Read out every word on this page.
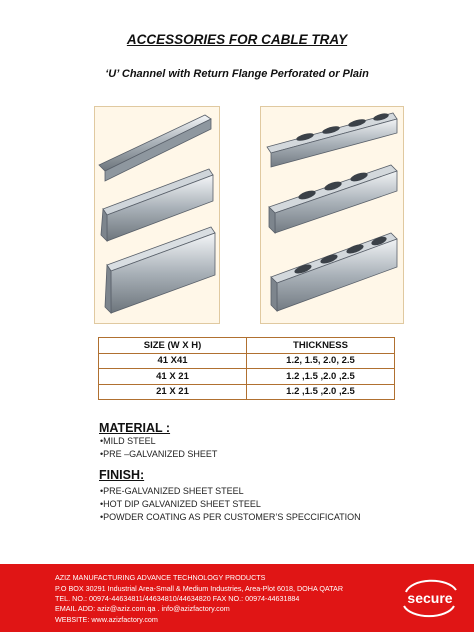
ACCESSORIES FOR CABLE TRAY
‘U’ Channel with Return Flange Perforated or Plain
SIZE (W X H)	THICKNESS
41 X41	1.2, 1.5, 2.0, 2.5
41 X 21	1.2 ,1.5 ,2.0 ,2.5
21 X 21	1.2 ,1.5 ,2.0 ,2.5
MATERIAL :
•MILD STEEL
•PRE –GALVANIZED SHEET
FINISH:
•PRE-GALVANIZED SHEET STEEL
•HOT DIP GALVANIZED SHEET STEEL
•POWDER COATING AS PER CUSTOMER’S SPECCIFICATION
AZIZ MANUFACTURING ADVANCE TECHNOLOGY PRODUCTS
P.O BOX 30291 Industrial Area-Small & Medium Industries, Area-Plot 6018, DOHA QATAR
TEL. NO.: 00974-44634811/44634810/44634820 FAX NO.: 00974-44631884
EMAIL ADD: aziz@aziz.com.qa . info@azizfactory.com
WEBSITE: www.azizfactory.com
secure
